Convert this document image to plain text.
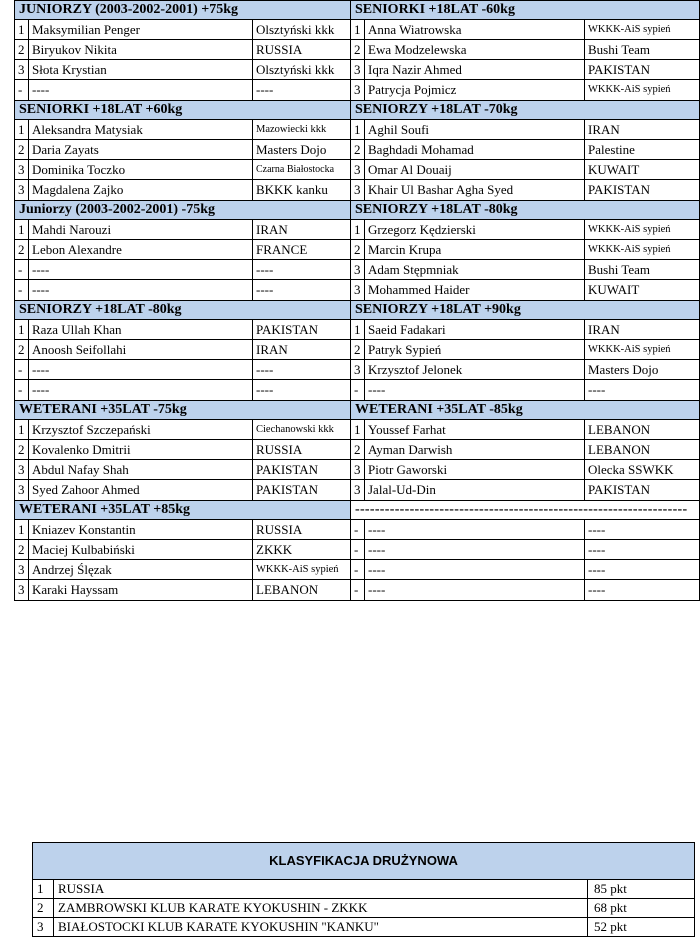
JUNIORZY (2003-2002-2001) +75kg
1 Maksymilian Penger	Olsztyński kkk
2 Biryukov Nikita	RUSSIA
3 Słota Krystian	Olsztyński kkk
- ----	----
SENIORKI +18LAT -60kg
1 Anna Wiatrowska	WKKK-AiS sypień
2 Ewa Modzelewska	Bushi Team
3 Iqra Nazir Ahmed	PAKISTAN
3 Patrycja Pojmicz	WKKK-AiS sypień
SENIORKI +18LAT +60kg
1 Aleksandra Matysiak	Mazowiecki kkk
2 Daria Zayats	Masters Dojo
3 Dominika Toczko	Czarna Białostocka
3 Magdalena Zajko	BKKK kanku
SENIORZY +18LAT -70kg
1 Aghil Soufi	IRAN
2 Baghdadi Mohamad	Palestine
3 Omar Al Douaij	KUWAIT
3 Khair Ul Bashar Agha Syed	PAKISTAN
Juniorzy (2003-2002-2001) -75kg
1 Mahdi Narouzi	IRAN
2 Lebon Alexandre	FRANCE
- ----	----
- ----	----
SENIORZY +18LAT -80kg
1 Grzegorz Kędzierski	WKKK-AiS sypień
2 Marcin Krupa	WKKK-AiS sypień
3 Adam Stępmniak	Bushi Team
3 Mohammed Haider	KUWAIT
SENIORZY +18LAT -80kg
1 Raza Ullah Khan	PAKISTAN
2 Anoosh Seifollahi	IRAN
- ----	----
- ----	----
SENIORZY +18LAT +90kg
1 Saeid Fadakari	IRAN
2 Patryk Sypień	WKKK-AiS sypień
3 Krzysztof Jelonek	Masters Dojo
- ----	----
WETERANI +35LAT -75kg
1 Krzysztof Szczepański	Ciechanowski kkk
2 Kovalenko Dmitrii	RUSSIA
3 Abdul Nafay Shah	PAKISTAN
3 Syed Zahoor Ahmed	PAKISTAN
WETERANI +35LAT -85kg
1 Youssef Farhat	LEBANON
2 Ayman Darwish	LEBANON
3 Piotr Gaworski	Olecka SSWKK
3 Jalal-Ud-Din	PAKISTAN
WETERANI +35LAT +85kg
1 Kniazev Konstantin	RUSSIA
2 Maciej Kulbabiński	ZKKK
3 Andrzej Ślęzak	WKKK-AiS sypień
3 Karaki Hayssam	LEBANON
-------------------------------------------------------------------
- ----	----
- ----	----
- ----	----
- ----	----
KLASYFIKACJA DRUŻYNOWA
1	RUSSIA	85 pkt
2	ZAMBROWSKI KLUB KARATE KYOKUSHIN - ZKKK	68 pkt
3	BIAŁOSTOCKI KLUB KARATE KYOKUSHIN "KANKU"	52 pkt
